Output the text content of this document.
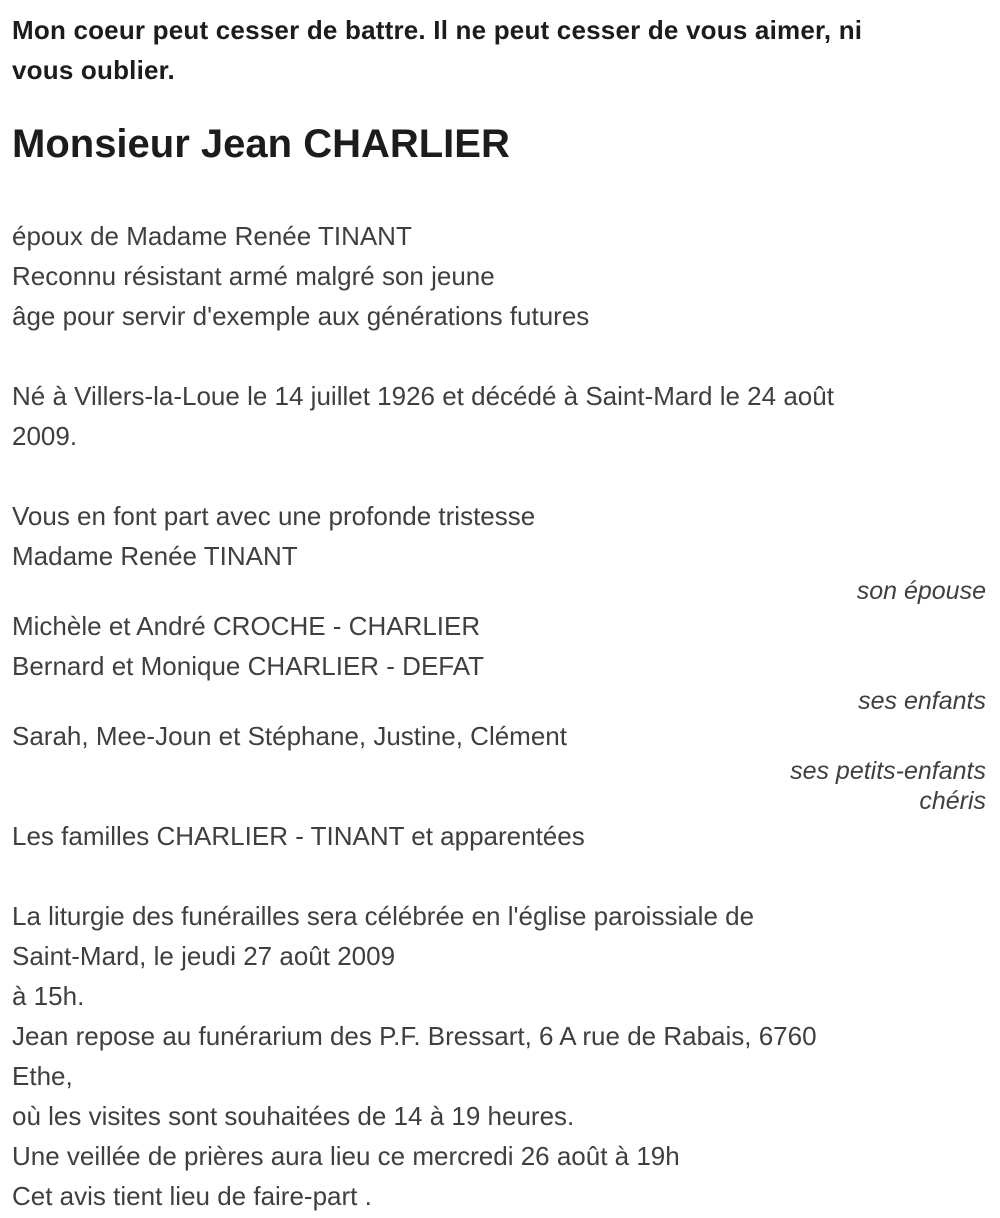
Mon coeur peut cesser de battre. Il ne peut cesser de vous aimer, ni
vous oublier.
Monsieur Jean CHARLIER
époux de Madame Renée TINANT
Reconnu résistant armé malgré son jeune
âge pour servir d'exemple aux générations futures
Né à Villers-la-Loue le 14 juillet 1926 et décédé à Saint-Mard le 24 août
2009.
Vous en font part avec une profonde tristesse
Madame Renée TINANT
son épouse
Michèle et André CROCHE - CHARLIER
Bernard et Monique CHARLIER - DEFAT
ses enfants
Sarah, Mee-Joun et Stéphane, Justine, Clément
ses petits-enfants
chéris
Les familles CHARLIER - TINANT et apparentées
La liturgie des funérailles sera célébrée en l'église paroissiale de
Saint-Mard, le jeudi 27 août 2009
à 15h.
Jean repose au funérarium des P.F. Bressart, 6 A rue de Rabais, 6760
Ethe,
où les visites sont souhaitées de 14 à 19 heures.
Une veillée de prières aura lieu ce mercredi 26 août à 19h
Cet avis tient lieu de faire-part .
